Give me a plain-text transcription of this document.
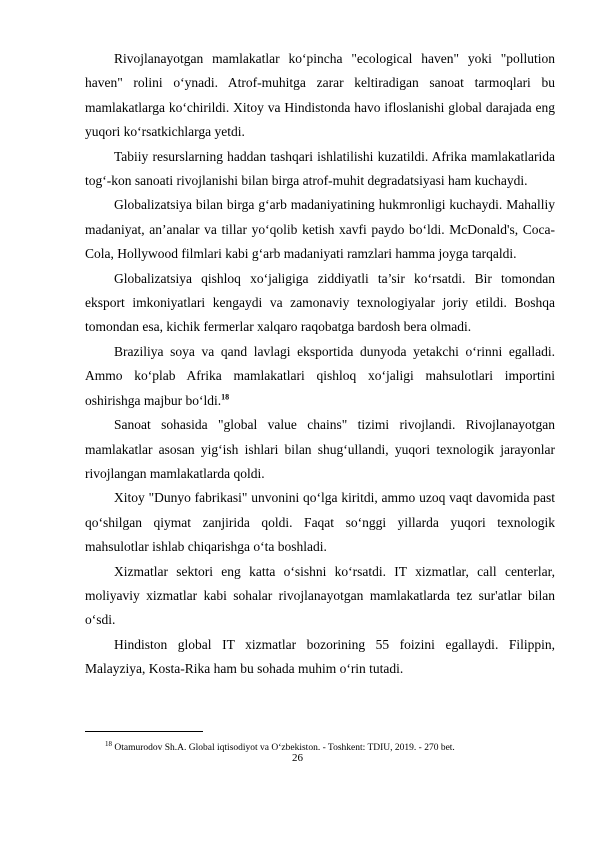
Rivojlanayotgan mamlakatlar ko‘pincha "ecological haven" yoki "pollution haven" rolini o‘ynadi. Atrof-muhitga zarar keltiradigan sanoat tarmoqlari bu mamlakatlarga ko‘chirildi. Xitoy va Hindistonda havo ifloslanishi global darajada eng yuqori ko‘rsatkichlarga yetdi.

Tabiiy resurslarning haddan tashqari ishlatilishi kuzatildi. Afrika mamlakatlarida tog‘-kon sanoati rivojlanishi bilan birga atrof-muhit degradatsiyasi ham kuchaydi.

Globalizatsiya bilan birga g‘arb madaniyatining hukmronligi kuchaydi. Mahalliy madaniyat, an’analar va tillar yo‘qolib ketish xavfi paydo bo‘ldi. McDonald's, Coca-Cola, Hollywood filmlari kabi g‘arb madaniyati ramzlari hamma joyga tarqaldi.

Globalizatsiya qishloq xo‘jaligiga ziddiyatli ta’sir ko‘rsatdi. Bir tomondan eksport imkoniyatlari kengaydi va zamonaviy texnologiyalar joriy etildi. Boshqa tomondan esa, kichik fermerlar xalqaro raqobatga bardosh bera olmadi.

Braziliya soya va qand lavlagi eksportida dunyoda yetakchi o‘rinni egalladi. Ammo ko‘plab Afrika mamlakatlari qishloq xo‘jaligi mahsulotlari importini oshirishga majbur bo‘ldi.$^{18}$

Sanoat sohasida "global value chains" tizimi rivojlandi. Rivojlanayotgan mamlakatlar asosan yig‘ish ishlari bilan shug‘ullandi, yuqori texnologik jarayonlar rivojlangan mamlakatlarda qoldi.

Xitoy "Dunyo fabrikasi" unvonini qo‘lga kiritdi, ammo uzoq vaqt davomida past qo‘shilgan qiymat zanjirida qoldi. Faqat so‘nggi yillarda yuqori texnologik mahsulotlar ishlab chiqarishga o‘ta boshladi.

Xizmatlar sektori eng katta o‘sishni ko‘rsatdi. IT xizmatlar, call centerlar, moliyaviy xizmatlar kabi sohalar rivojlanayotgan mamlakatlarda tez sur'atlar bilan o‘sdi.

Hindiston global IT xizmatlar bozorining 55 foizini egallaydi. Filippin, Malayziya, Kosta-Rika ham bu sohada muhim o‘rin tutadi.

$^{18}$ Otamurodov Sh.A. Global iqtisodiyot va O‘zbekiston. - Toshkent: TDIU, 2019. - 270 bet.
26
